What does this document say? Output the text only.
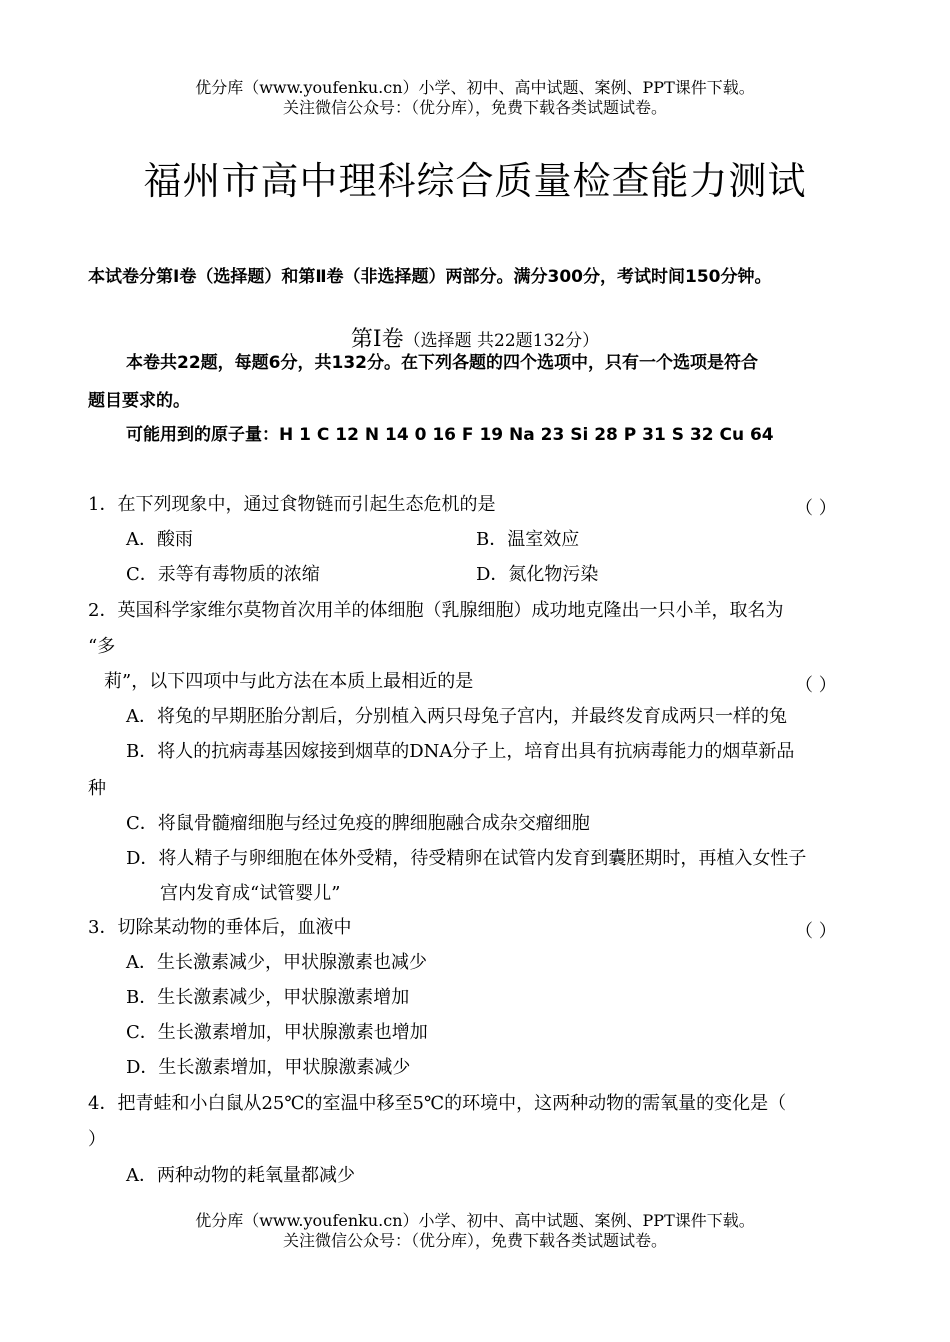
优分库（www.youfenku.cn）小学、初中、高中试题、案例、PPT课件下载。
关注微信公众号：（优分库），免费下载各类试题试卷。
福州市高中理科综合质量检查能力测试
本试卷分第Ⅰ卷（选择题）和第Ⅱ卷（非选择题）两部分。满分300分，考试时间150分钟。
第Ⅰ卷（选择题 共22题132分）
本卷共22题，每题6分，共132分。在下列各题的四个选项中，只有一个选项是符合
题目要求的。
可能用到的原子量：H 1 C 12 N 14 0 16 F 19 Na 23 Si 28 P 31 S 32 Cu 64
1．在下列现象中，通过食物链而引起生态危机的是	（ ）
A．酸雨	B．温室效应
C．汞等有毒物质的浓缩	D．氮化物污染
2．英国科学家维尔莫物首次用羊的体细胞（乳腺细胞）成功地克隆出一只小羊，取名为
“多
莉”，以下四项中与此方法在本质上最相近的是	（ ）
A．将兔的早期胚胎分割后，分别植入两只母兔子宫内，并最终发育成两只一样的兔
B．将人的抗病毒基因嫁接到烟草的DNA分子上，培育出具有抗病毒能力的烟草新品
种
C．将鼠骨髓瘤细胞与经过免疫的脾细胞融合成杂交瘤细胞
D．将人精子与卵细胞在体外受精，待受精卵在试管内发育到囊胚期时，再植入女性子
宫内发育成“试管婴儿”
3．切除某动物的垂体后，血液中	（ ）
A．生长激素减少，甲状腺激素也减少
B．生长激素减少，甲状腺激素增加
C．生长激素增加，甲状腺激素也增加
D．生长激素增加，甲状腺激素减少
4．把青蛙和小白鼠从25℃的室温中移至5℃的环境中，这两种动物的需氧量的变化是（
）
A．两种动物的耗氧量都减少
优分库（www.youfenku.cn）小学、初中、高中试题、案例、PPT课件下载。
关注微信公众号：（优分库），免费下载各类试题试卷。
